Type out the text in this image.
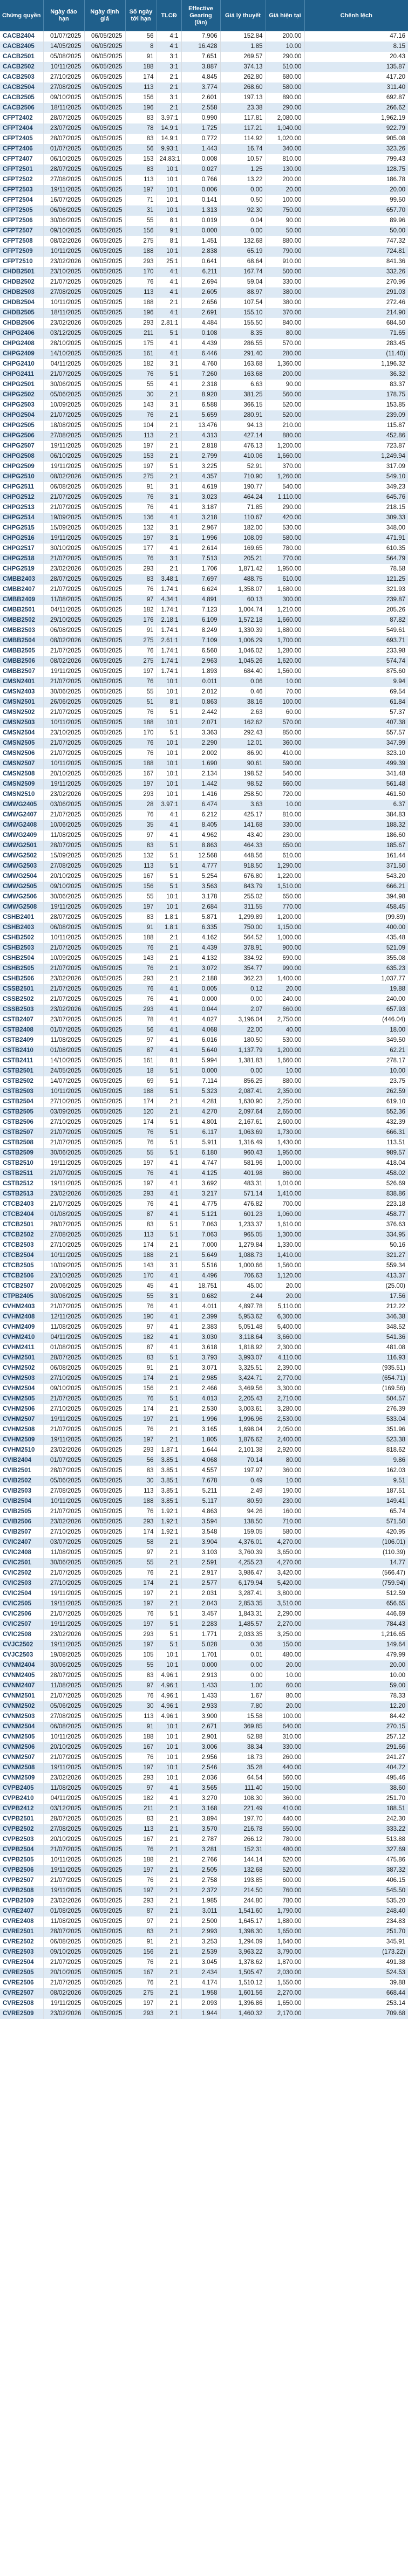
Chứng quyền	Ngày đáo hạn	Ngày định giá	Số ngày tới hạn	TLCĐ	Effective Gearing (lần)	Giá lý thuyết	Giá hiện tại	Chênh lệch
CACB2404	01/07/2025	06/05/2025	56	4:1	7.906	152.84	200.00	47.16
CACB2405	14/05/2025	06/05/2025	8	4:1	16.428	1.85	10.00	8.15
CACB2501	05/08/2025	06/05/2025	91	3:1	7.651	269.57	290.00	20.43
CACB2502	10/11/2025	06/05/2025	188	3:1	3.887	374.13	510.00	135.87
CACB2503	27/10/2025	06/05/2025	174	2:1	4.845	262.80	680.00	417.20
CACB2504	27/08/2025	06/05/2025	113	2:1	3.774	268.60	580.00	311.40
CACB2505	09/10/2025	06/05/2025	156	3:1	2.601	197.13	890.00	692.87
CACB2506	18/11/2025	06/05/2025	196	2:1	2.558	23.38	290.00	266.62
CFPT2402	28/07/2025	06/05/2025	83	3.97:1	0.990	117.81	2,080.00	1,962.19
CFPT2404	23/07/2025	06/05/2025	78	14.9:1	1.725	117.21	1,040.00	922.79
CFPT2405	28/07/2025	06/05/2025	83	14.9:1	0.772	114.92	1,020.00	905.08
CFPT2406	01/07/2025	06/05/2025	56	9.93:1	1.443	16.74	340.00	323.26
CFPT2407	06/10/2025	06/05/2025	153	24.83:1	0.008	10.57	810.00	799.43
CFPT2501	28/07/2025	06/05/2025	83	10:1	0.027	1.25	130.00	128.75
CFPT2502	27/08/2025	06/05/2025	113	10:1	0.766	13.22	200.00	186.78
CFPT2503	19/11/2025	06/05/2025	197	10:1	0.006	0.00	20.00	20.00
CFPT2504	16/07/2025	06/05/2025	71	10:1	0.141	0.50	100.00	99.50
CFPT2505	06/06/2025	06/05/2025	31	10:1	1.313	92.30	750.00	657.70
CFPT2506	30/06/2025	06/05/2025	55	8:1	0.019	0.04	90.00	89.96
CFPT2507	09/10/2025	06/05/2025	156	9:1	0.000	0.00	50.00	50.00
CFPT2508	08/02/2026	06/05/2025	275	8:1	1.451	132.68	880.00	747.32
CFPT2509	10/11/2025	06/05/2025	188	10:1	2.838	65.19	790.00	724.81
CFPT2510	23/02/2026	06/05/2025	293	25:1	0.641	68.64	910.00	841.36
CHDB2501	23/10/2025	06/05/2025	170	4:1	6.211	167.74	500.00	332.26
CHDB2502	21/07/2025	06/05/2025	76	4:1	2.694	59.04	330.00	270.96
CHDB2503	27/08/2025	06/05/2025	113	4:1	2.605	88.97	380.00	291.03
CHDB2504	10/11/2025	06/05/2025	188	2:1	2.656	107.54	380.00	272.46
CHDB2505	18/11/2025	06/05/2025	196	4:1	2.691	155.10	370.00	214.90
CHDB2506	23/02/2026	06/05/2025	293	2.81:1	4.484	155.50	840.00	684.50
CHPG2406	03/12/2025	06/05/2025	211	5:1	0.108	8.35	80.00	71.65
CHPG2408	28/10/2025	06/05/2025	175	4:1	4.439	286.55	570.00	283.45
CHPG2409	14/10/2025	06/05/2025	161	4:1	6.446	291.40	280.00	(11.40)
CHPG2410	04/11/2025	06/05/2025	182	3:1	4.760	163.68	1,360.00	1,196.32
CHPG2411	21/07/2025	06/05/2025	76	5:1	7.260	163.68	200.00	36.32
CHPG2501	30/06/2025	06/05/2025	55	4:1	2.318	6.63	90.00	83.37
CHPG2502	05/06/2025	06/05/2025	30	2:1	8.920	381.25	560.00	178.75
CHPG2503	10/09/2025	06/05/2025	143	3:1	6.588	366.15	520.00	153.85
CHPG2504	21/07/2025	06/05/2025	76	2:1	5.659	280.91	520.00	239.09
CHPG2505	18/08/2025	06/05/2025	104	2:1	13.476	94.13	210.00	115.87
CHPG2506	27/08/2025	06/05/2025	113	2:1	4.313	427.14	880.00	452.86
CHPG2507	19/11/2025	06/05/2025	197	2:1	2.818	476.13	1,200.00	723.87
CHPG2508	06/10/2025	06/05/2025	153	2:1	2.799	410.06	1,660.00	1,249.94
CHPG2509	19/11/2025	06/05/2025	197	5:1	3.225	52.91	370.00	317.09
CHPG2510	08/02/2026	06/05/2025	275	2:1	4.357	710.90	1,260.00	549.10
CHPG2511	06/08/2025	06/05/2025	91	3:1	4.619	190.77	540.00	349.23
CHPG2512	21/07/2025	06/05/2025	76	3:1	3.023	464.24	1,110.00	645.76
CHPG2513	21/07/2025	06/05/2025	76	4:1	3.187	71.85	290.00	218.15
CHPG2514	19/09/2025	06/05/2025	136	4:1	3.218	110.67	420.00	309.33
CHPG2515	15/09/2025	06/05/2025	132	3:1	2.967	182.00	530.00	348.00
CHPG2516	19/11/2025	06/05/2025	197	3:1	1.996	108.09	580.00	471.91
CHPG2517	30/10/2025	06/05/2025	177	4:1	2.614	169.65	780.00	610.35
CHPG2518	21/07/2025	06/05/2025	76	3:1	7.513	205.21	770.00	564.79
CHPG2519	23/02/2026	06/05/2025	293	2:1	1.706	1,871.42	1,950.00	78.58
CMBB2403	28/07/2025	06/05/2025	83	3.48:1	7.697	488.75	610.00	121.25
CMBB2407	21/07/2025	06/05/2025	76	1.74:1	6.624	1,358.07	1,680.00	321.93
CMBB2409	11/08/2025	06/05/2025	97	4.34:1	4.891	60.13	300.00	239.87
CMBB2501	04/11/2025	06/05/2025	182	1.74:1	7.123	1,004.74	1,210.00	205.26
CMBB2502	29/10/2025	06/05/2025	176	2.18:1	6.109	1,572.18	1,660.00	87.82
CMBB2503	06/08/2025	06/05/2025	91	1.74:1	8.249	1,330.39	1,880.00	549.61
CMBB2504	08/02/2026	06/05/2025	275	2.61:1	7.109	1,006.29	1,700.00	693.71
CMBB2505	21/07/2025	06/05/2025	76	1.74:1	6.560	1,046.02	1,280.00	233.98
CMBB2506	08/02/2026	06/05/2025	275	1.74:1	2.963	1,045.26	1,620.00	574.74
CMBB2507	19/11/2025	06/05/2025	197	1.74:1	1.893	684.40	1,560.00	875.60
CMSN2401	21/07/2025	06/05/2025	76	10:1	0.011	0.06	10.00	9.94
CMSN2403	30/06/2025	06/05/2025	55	10:1	2.012	0.46	70.00	69.54
CMSN2501	26/06/2025	06/05/2025	51	8:1	0.863	38.16	100.00	61.84
CMSN2502	21/07/2025	06/05/2025	76	5:1	2.442	2.63	60.00	57.37
CMSN2503	10/11/2025	06/05/2025	188	10:1	2.071	162.62	570.00	407.38
CMSN2504	23/10/2025	06/05/2025	170	5:1	3.363	292.43	850.00	557.57
CMSN2505	21/07/2025	06/05/2025	76	10:1	2.290	12.01	360.00	347.99
CMSN2506	21/07/2025	06/05/2025	76	10:1	2.002	86.90	410.00	323.10
CMSN2507	10/11/2025	06/05/2025	188	10:1	1.690	90.61	590.00	499.39
CMSN2508	20/10/2025	06/05/2025	167	10:1	2.134	198.52	540.00	341.48
CMSN2509	19/11/2025	06/05/2025	197	10:1	1.442	98.52	660.00	561.48
CMSN2510	23/02/2026	06/05/2025	293	10:1	1.416	258.50	720.00	461.50
CMWG2405	03/06/2025	06/05/2025	28	3.97:1	6.474	3.63	10.00	6.37
CMWG2407	21/07/2025	06/05/2025	76	4:1	6.212	425.17	810.00	384.83
CMWG2408	10/06/2025	06/05/2025	35	4:1	8.405	141.68	330.00	188.32
CMWG2409	11/08/2025	06/05/2025	97	4:1	4.962	43.40	230.00	186.60
CMWG2501	28/07/2025	06/05/2025	83	5:1	8.863	464.33	650.00	185.67
CMWG2502	15/09/2025	06/05/2025	132	5:1	12.568	448.56	610.00	161.44
CMWG2503	27/08/2025	06/05/2025	113	5:1	4.777	918.50	1,290.00	371.50
CMWG2504	20/10/2025	06/05/2025	167	5:1	5.254	676.80	1,220.00	543.20
CMWG2505	09/10/2025	06/05/2025	156	5:1	3.563	843.79	1,510.00	666.21
CMWG2506	30/06/2025	06/05/2025	55	10:1	3.178	255.02	650.00	394.98
CMWG2508	19/11/2025	06/05/2025	197	10:1	2.684	311.55	770.00	458.45
CSHB2401	28/07/2025	06/05/2025	83	1.8:1	5.871	1,299.89	1,200.00	(99.89)
CSHB2403	06/08/2025	06/05/2025	91	1.8:1	6.335	750.00	1,150.00	400.00
CSHB2502	10/11/2025	06/05/2025	188	2:1	4.162	564.52	1,000.00	435.48
CSHB2503	21/07/2025	06/05/2025	76	2:1	4.439	378.91	900.00	521.09
CSHB2504	10/09/2025	06/05/2025	143	2:1	4.132	334.92	690.00	355.08
CSHB2505	21/07/2025	06/05/2025	76	2:1	3.072	354.77	990.00	635.23
CSHB2506	23/02/2026	06/05/2025	293	2:1	2.188	362.23	1,400.00	1,037.77
CSSB2501	21/07/2025	06/05/2025	76	4:1	0.005	0.12	20.00	19.88
CSSB2502	21/07/2025	06/05/2025	76	4:1	0.000	0.00	240.00	240.00
CSSB2503	23/02/2026	06/05/2025	293	4:1	0.044	2.07	660.00	657.93
CSTB2407	23/07/2025	06/05/2025	78	4:1	4.027	3,196.04	2,750.00	(446.04)
CSTB2408	01/07/2025	06/05/2025	56	4:1	4.068	22.00	40.00	18.00
CSTB2409	11/08/2025	06/05/2025	97	4:1	6.016	180.50	530.00	349.50
CSTB2410	01/08/2025	06/05/2025	87	4:1	5.640	1,137.79	1,200.00	62.21
CSTB2411	14/10/2025	06/05/2025	161	8:1	5.994	1,381.83	1,660.00	278.17
CSTB2501	24/05/2025	06/05/2025	18	5:1	0.000	0.00	10.00	10.00
CSTB2502	14/07/2025	06/05/2025	69	5:1	7.114	856.25	880.00	23.75
CSTB2503	10/11/2025	06/05/2025	188	5:1	5.323	2,087.41	2,350.00	262.59
CSTB2504	27/10/2025	06/05/2025	174	2:1	4.281	1,630.90	2,250.00	619.10
CSTB2505	03/09/2025	06/05/2025	120	2:1	4.270	2,097.64	2,650.00	552.36
CSTB2506	27/10/2025	06/05/2025	174	5:1	4.801	2,167.61	2,600.00	432.39
CSTB2507	21/07/2025	06/05/2025	76	5:1	6.117	1,063.69	1,730.00	666.31
CSTB2508	21/07/2025	06/05/2025	76	5:1	5.911	1,316.49	1,430.00	113.51
CSTB2509	30/06/2025	06/05/2025	55	5:1	6.180	960.43	1,950.00	989.57
CSTB2510	19/11/2025	06/05/2025	197	4:1	4.747	581.96	1,000.00	418.04
CSTB2511	21/07/2025	06/05/2025	76	4:1	4.125	401.98	860.00	458.02
CSTB2512	19/11/2025	06/05/2025	197	4:1	3.692	483.31	1,010.00	526.69
CSTB2513	23/02/2026	06/05/2025	293	4:1	3.217	571.14	1,410.00	838.86
CTCB2403	21/07/2025	06/05/2025	76	4:1	4.775	476.82	700.00	223.18
CTCB2404	01/08/2025	06/05/2025	87	4:1	5.121	601.23	1,060.00	458.77
CTCB2501	28/07/2025	06/05/2025	83	5:1	7.063	1,233.37	1,610.00	376.63
CTCB2502	27/08/2025	06/05/2025	113	5:1	7.063	965.05	1,300.00	334.95
CTCB2503	27/10/2025	06/05/2025	174	2:1	7.000	1,279.84	1,330.00	50.16
CTCB2504	10/11/2025	06/05/2025	188	2:1	5.649	1,088.73	1,410.00	321.27
CTCB2505	10/09/2025	06/05/2025	143	3:1	5.516	1,000.66	1,560.00	559.34
CTCB2506	23/10/2025	06/05/2025	170	4:1	4.496	706.63	1,120.00	413.37
CTCB2507	20/06/2025	06/05/2025	45	4:1	18.751	45.00	20.00	(25.00)
CTPB2405	30/06/2025	06/05/2025	55	3:1	0.682	2.44	20.00	17.56
CVHM2403	21/07/2025	06/05/2025	76	4:1	4.011	4,897.78	5,110.00	212.22
CVHM2408	12/11/2025	06/05/2025	190	4:1	2.399	5,953.62	6,300.00	346.38
CVHM2409	11/08/2025	06/05/2025	97	4:1	2.383	5,051.48	5,400.00	348.52
CVHM2410	04/11/2025	06/05/2025	182	4:1	3.030	3,118.64	3,660.00	541.36
CVHM2411	01/08/2025	06/05/2025	87	4:1	3.618	1,818.92	2,300.00	481.08
CVHM2501	28/07/2025	06/05/2025	83	5:1	3.793	3,993.07	4,110.00	116.93
CVHM2502	06/08/2025	06/05/2025	91	2:1	3.071	3,325.51	2,390.00	(935.51)
CVHM2503	27/10/2025	06/05/2025	174	2:1	2.985	3,424.71	2,770.00	(654.71)
CVHM2504	09/10/2025	06/05/2025	156	2:1	2.466	3,469.56	3,300.00	(169.56)
CVHM2505	21/07/2025	06/05/2025	76	5:1	4.013	2,205.43	2,710.00	504.57
CVHM2506	27/10/2025	06/05/2025	174	2:1	2.530	3,003.61	3,280.00	276.39
CVHM2507	19/11/2025	06/05/2025	197	2:1	1.996	1,996.96	2,530.00	533.04
CVHM2508	21/07/2025	06/05/2025	76	2:1	3.165	1,698.04	2,050.00	351.96
CVHM2509	19/11/2025	06/05/2025	197	2:1	1.805	1,876.62	2,400.00	523.38
CVHM2510	23/02/2026	06/05/2025	293	1.87:1	1.644	2,101.38	2,920.00	818.62
CVIB2404	01/07/2025	06/05/2025	56	3.85:1	4.068	70.14	80.00	9.86
CVIB2501	28/07/2025	06/05/2025	83	3.85:1	4.557	197.97	360.00	162.03
CVIB2502	05/06/2025	06/05/2025	30	3.85:1	7.678	0.49	10.00	9.51
CVIB2503	27/08/2025	06/05/2025	113	3.85:1	5.211	2.49	190.00	187.51
CVIB2504	10/11/2025	06/05/2025	188	3.85:1	5.117	80.59	230.00	149.41
CVIB2505	21/07/2025	06/05/2025	76	1.92:1	4.863	94.26	160.00	65.74
CVIB2506	23/02/2026	06/05/2025	293	1.92:1	3.594	138.50	710.00	571.50
CVIB2507	27/10/2025	06/05/2025	174	1.92:1	3.548	159.05	580.00	420.95
CVIC2407	03/07/2025	06/05/2025	58	2:1	3.904	4,376.01	4,270.00	(106.01)
CVIC2408	11/08/2025	06/05/2025	97	2:1	3.103	3,760.39	3,650.00	(110.39)
CVIC2501	30/06/2025	06/05/2025	55	2:1	2.591	4,255.23	4,270.00	14.77
CVIC2502	21/07/2025	06/05/2025	76	2:1	2.917	3,986.47	3,420.00	(566.47)
CVIC2503	27/10/2025	06/05/2025	174	2:1	2.577	6,179.94	5,420.00	(759.94)
CVIC2504	19/11/2025	06/05/2025	197	2:1	2.031	3,287.41	3,800.00	512.59
CVIC2505	19/11/2025	06/05/2025	197	2:1	2.043	2,853.35	3,510.00	656.65
CVIC2506	21/07/2025	06/05/2025	76	5:1	3.457	1,843.31	2,290.00	446.69
CVIC2507	19/11/2025	06/05/2025	197	5:1	2.283	1,485.57	2,270.00	784.43
CVIC2508	23/02/2026	06/05/2025	293	5:1	1.771	2,033.35	3,250.00	1,216.65
CVJC2502	19/11/2025	06/05/2025	197	5:1	5.028	0.36	150.00	149.64
CVJC2503	19/08/2025	06/05/2025	105	10:1	1.701	0.01	480.00	479.99
CVNM2404	30/06/2025	06/05/2025	55	10:1	0.000	0.00	20.00	20.00
CVNM2405	28/07/2025	06/05/2025	83	4.96:1	2.913	0.00	10.00	10.00
CVNM2407	11/08/2025	06/05/2025	97	4.96:1	1.433	1.00	60.00	59.00
CVNM2501	21/07/2025	06/05/2025	76	4.96:1	1.433	1.67	80.00	78.33
CVNM2502	05/06/2025	06/05/2025	30	4.96:1	2.933	7.80	20.00	12.20
CVNM2503	27/08/2025	06/05/2025	113	4.96:1	3.900	15.58	100.00	84.42
CVNM2504	06/08/2025	06/05/2025	91	10:1	2.671	369.85	640.00	270.15
CVNM2505	10/11/2025	06/05/2025	188	10:1	2.901	52.88	310.00	257.12
CVNM2506	20/10/2025	06/05/2025	167	10:1	3.006	38.34	330.00	291.66
CVNM2507	21/07/2025	06/05/2025	76	10:1	2.956	18.73	260.00	241.27
CVNM2508	19/11/2025	06/05/2025	197	10:1	2.546	35.28	440.00	404.72
CVNM2509	23/02/2026	06/05/2025	293	10:1	2.036	64.54	560.00	495.46
CVPB2405	11/08/2025	06/05/2025	97	4:1	3.565	111.40	150.00	38.60
CVPB2410	04/11/2025	06/05/2025	182	4:1	3.270	108.30	360.00	251.70
CVPB2412	03/12/2025	06/05/2025	211	2:1	3.168	221.49	410.00	188.51
CVPB2501	28/07/2025	06/05/2025	83	2:1	3.894	197.70	440.00	242.30
CVPB2502	27/08/2025	06/05/2025	113	2:1	3.570	216.78	550.00	333.22
CVPB2503	20/10/2025	06/05/2025	167	2:1	2.787	266.12	780.00	513.88
CVPB2504	21/07/2025	06/05/2025	76	2:1	3.281	152.31	480.00	327.69
CVPB2505	10/11/2025	06/05/2025	188	2:1	2.766	144.14	620.00	475.86
CVPB2506	19/11/2025	06/05/2025	197	2:1	2.505	132.68	520.00	387.32
CVPB2507	21/07/2025	06/05/2025	76	2:1	2.758	193.85	600.00	406.15
CVPB2508	19/11/2025	06/05/2025	197	2:1	2.372	214.50	760.00	545.50
CVPB2509	23/02/2026	06/05/2025	293	2:1	1.985	244.80	780.00	535.20
CVRE2407	01/08/2025	06/05/2025	87	2:1	3.011	1,541.60	1,790.00	248.40
CVRE2408	11/08/2025	06/05/2025	97	2:1	2.500	1,645.17	1,880.00	234.83
CVRE2501	28/07/2025	06/05/2025	83	2:1	2.993	1,398.30	1,650.00	251.70
CVRE2502	06/08/2025	06/05/2025	91	2:1	3.253	1,294.09	1,640.00	345.91
CVRE2503	09/10/2025	06/05/2025	156	2:1	2.539	3,963.22	3,790.00	(173.22)
CVRE2504	21/07/2025	06/05/2025	76	2:1	3.045	1,378.62	1,870.00	491.38
CVRE2505	20/10/2025	06/05/2025	167	2:1	2.434	1,505.47	2,030.00	524.53
CVRE2506	21/07/2025	06/05/2025	76	2:1	4.174	1,510.12	1,550.00	39.88
CVRE2507	08/02/2026	06/05/2025	275	2:1	1.958	1,601.56	2,270.00	668.44
CVRE2508	19/11/2025	06/05/2025	197	2:1	2.093	1,396.86	1,650.00	253.14
CVRE2509	23/02/2026	06/05/2025	293	2:1	1.944	1,460.32	2,170.00	709.68
